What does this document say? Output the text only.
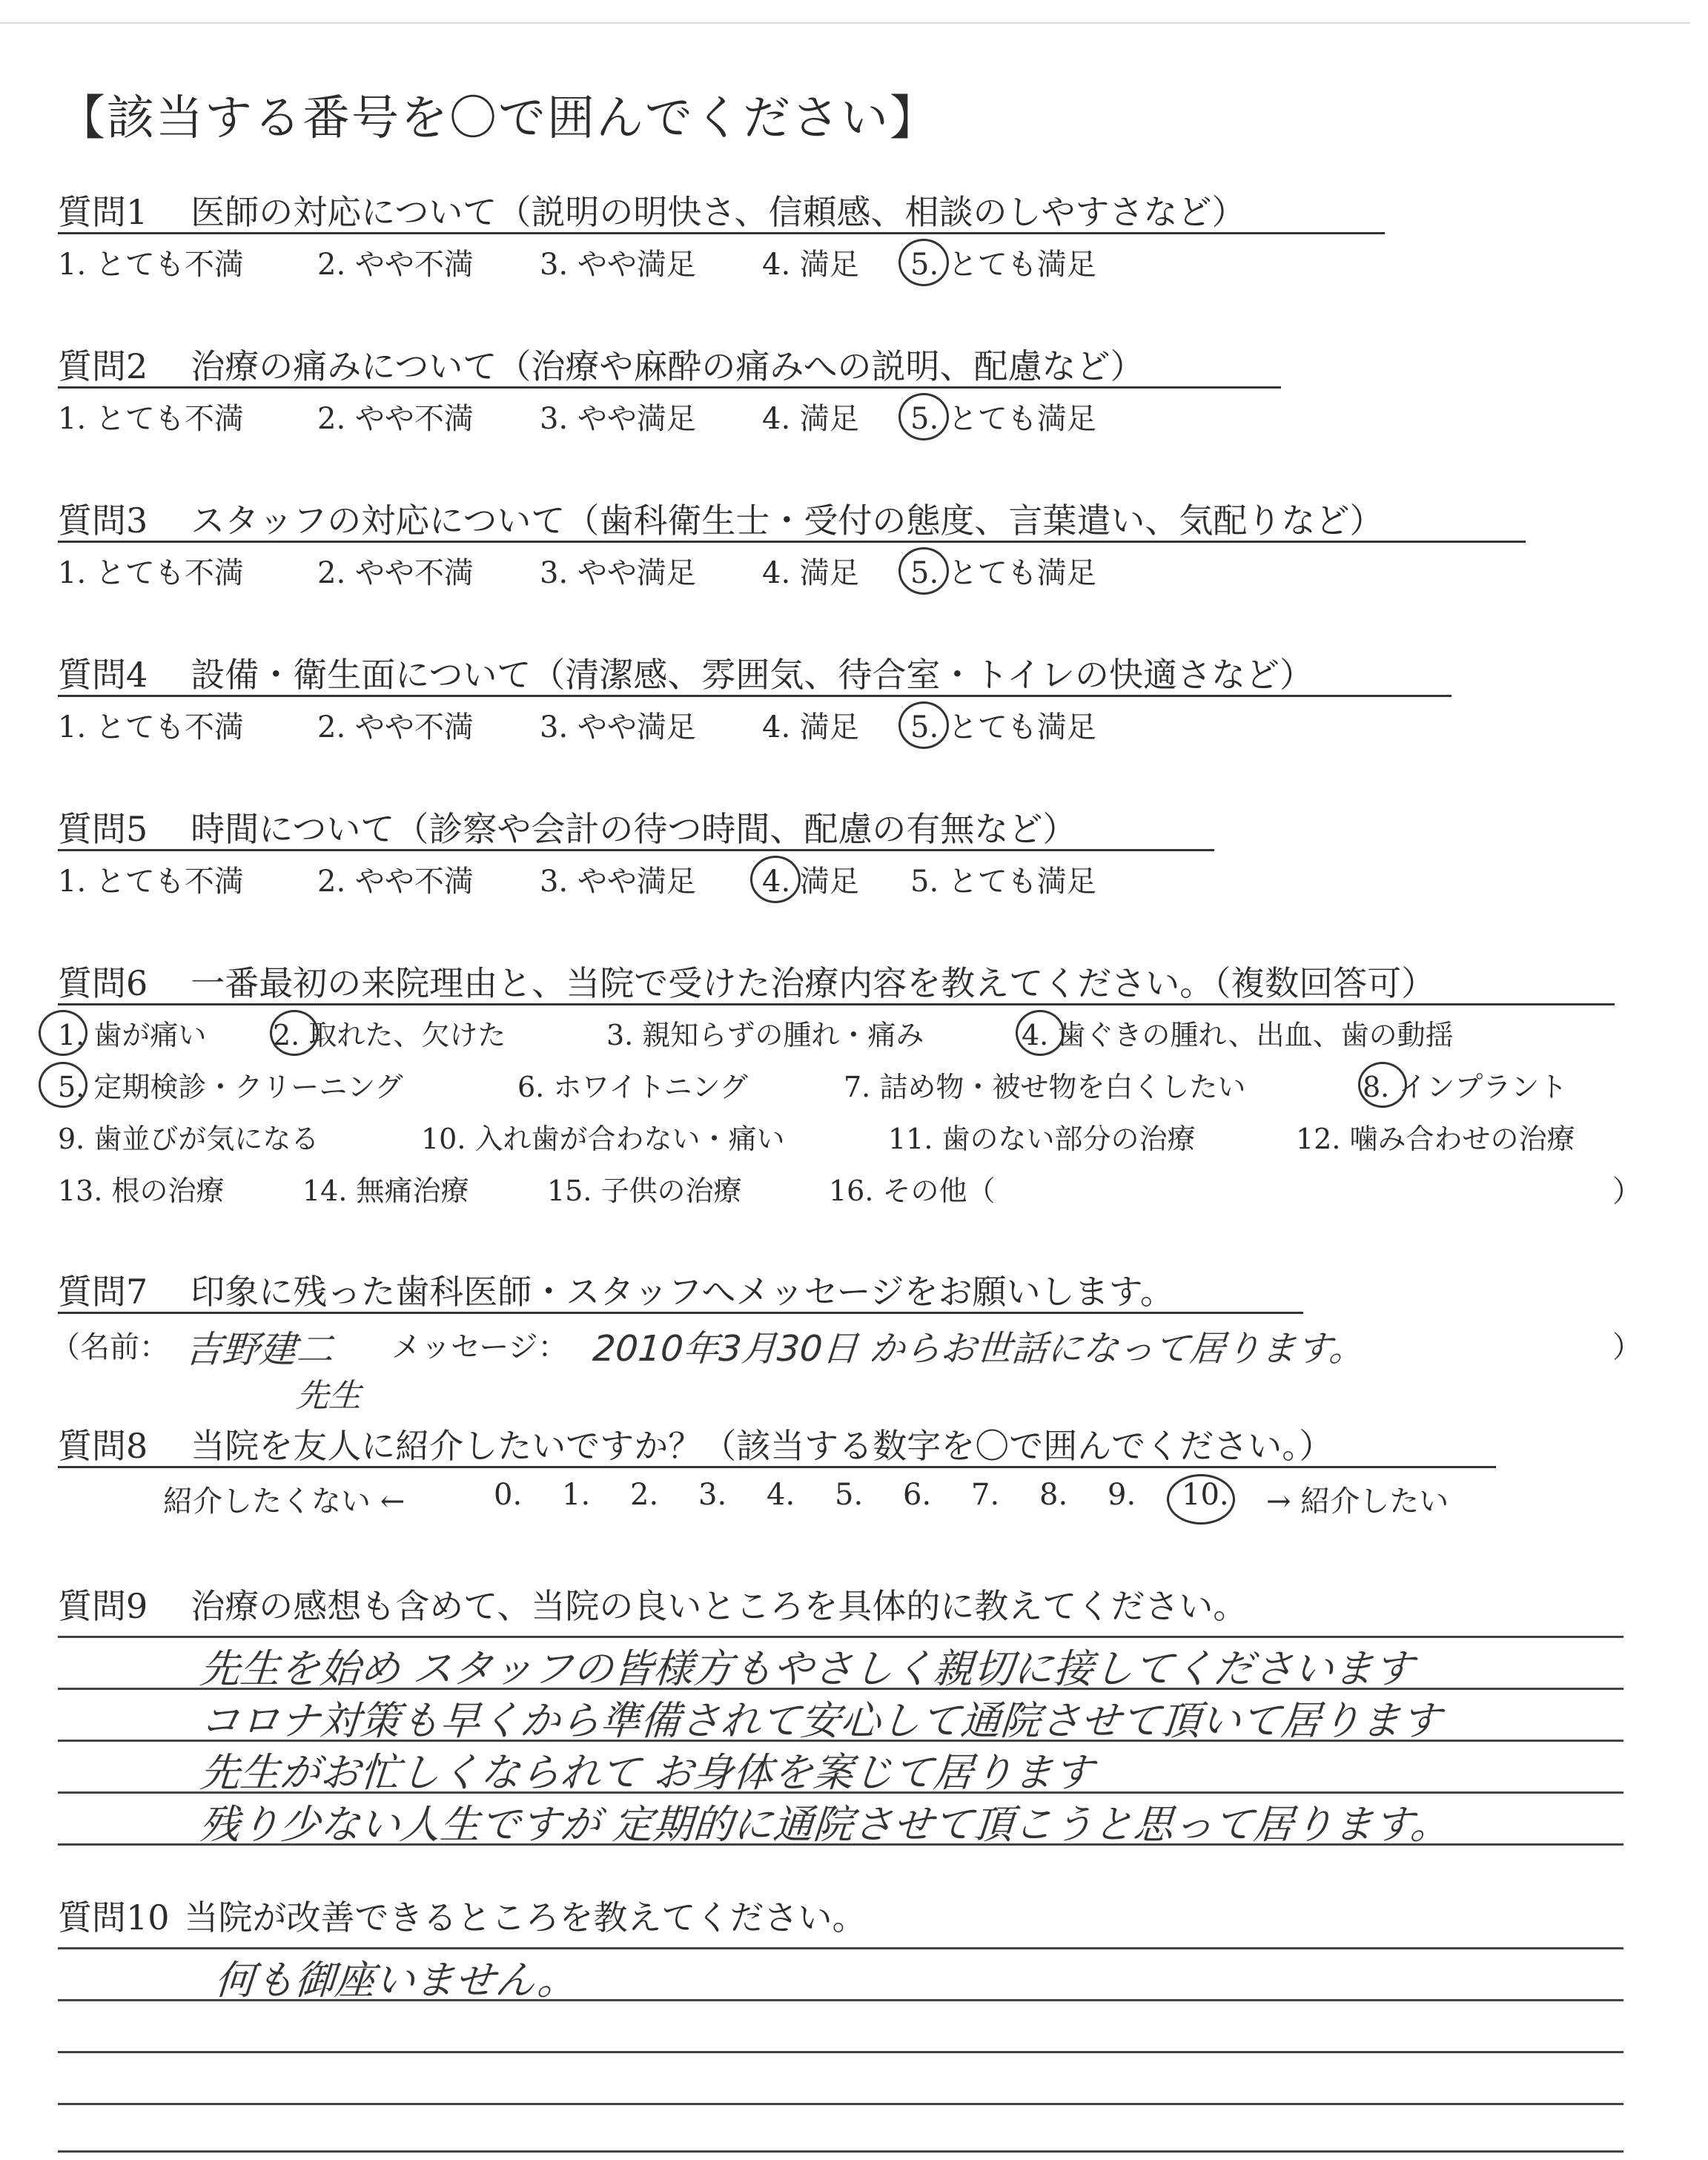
【該当する番号を〇で囲んでください】
質問1 医師の対応について（説明の明快さ、信頼感、相談のしやすさなど）
1. とても不満 2. やや不満 3. やや満足 4. 満足 5. とても満足
質問2 治療の痛みについて（治療や麻酔の痛みへの説明、配慮など）
1. とても不満 2. やや不満 3. やや満足 4. 満足 5. とても満足
質問3 スタッフの対応について（歯科衛生士・受付の態度、言葉遣い、気配りなど）
1. とても不満 2. やや不満 3. やや満足 4. 満足 5. とても満足
質問4 設備・衛生面について（清潔感、雰囲気、待合室・トイレの快適さなど）
1. とても不満 2. やや不満 3. やや満足 4. 満足 5. とても満足
質問5 時間について（診察や会計の待つ時間、配慮の有無など）
1. とても不満 2. やや不満 3. やや満足 4. 満足 5. とても満足
質問6 一番最初の来院理由と、当院で受けた治療内容を教えてください。（複数回答可）
1. 歯が痛い 2. 取れた、欠けた	3. 親知らずの腫れ・痛み	4. 歯ぐきの腫れ、出血、歯の動揺
5. 定期検診・クリーニング	6. ホワイトニング	7. 詰め物・被せ物を白くしたい	8. インプラント
9. 歯並びが気になる	10. 入れ歯が合わない・痛い	11. 歯のない部分の治療	12. 噛み合わせの治療
13. 根の治療	14. 無痛治療	15. 子供の治療	16. その他（	）
質問7 印象に残った歯科医師・スタッフへメッセージをお願いします。
（名前：	メッセージ：
吉野建二
先生
2010年3月30日 からお世話になって居ります。	）
質問8 当院を友人に紹介したいですか？（該当する数字を〇で囲んでください。）
紹介したくない ←	0. 1. 2. 3. 4. 5. 6. 7. 8. 9. 10. → 紹介したい
質問9 治療の感想も含めて、当院の良いところを具体的に教えてください。
先生を始め スタッフの皆様方もやさしく親切に接してくださいます
コロナ対策も早くから準備されて安心して通院させて頂いて居ります
先生がお忙しくなられて お身体を案じて居ります
残り少ない人生ですが 定期的に通院させて頂こうと思って居ります。
質問10 当院が改善できるところを教えてください。
何も御座いません。
